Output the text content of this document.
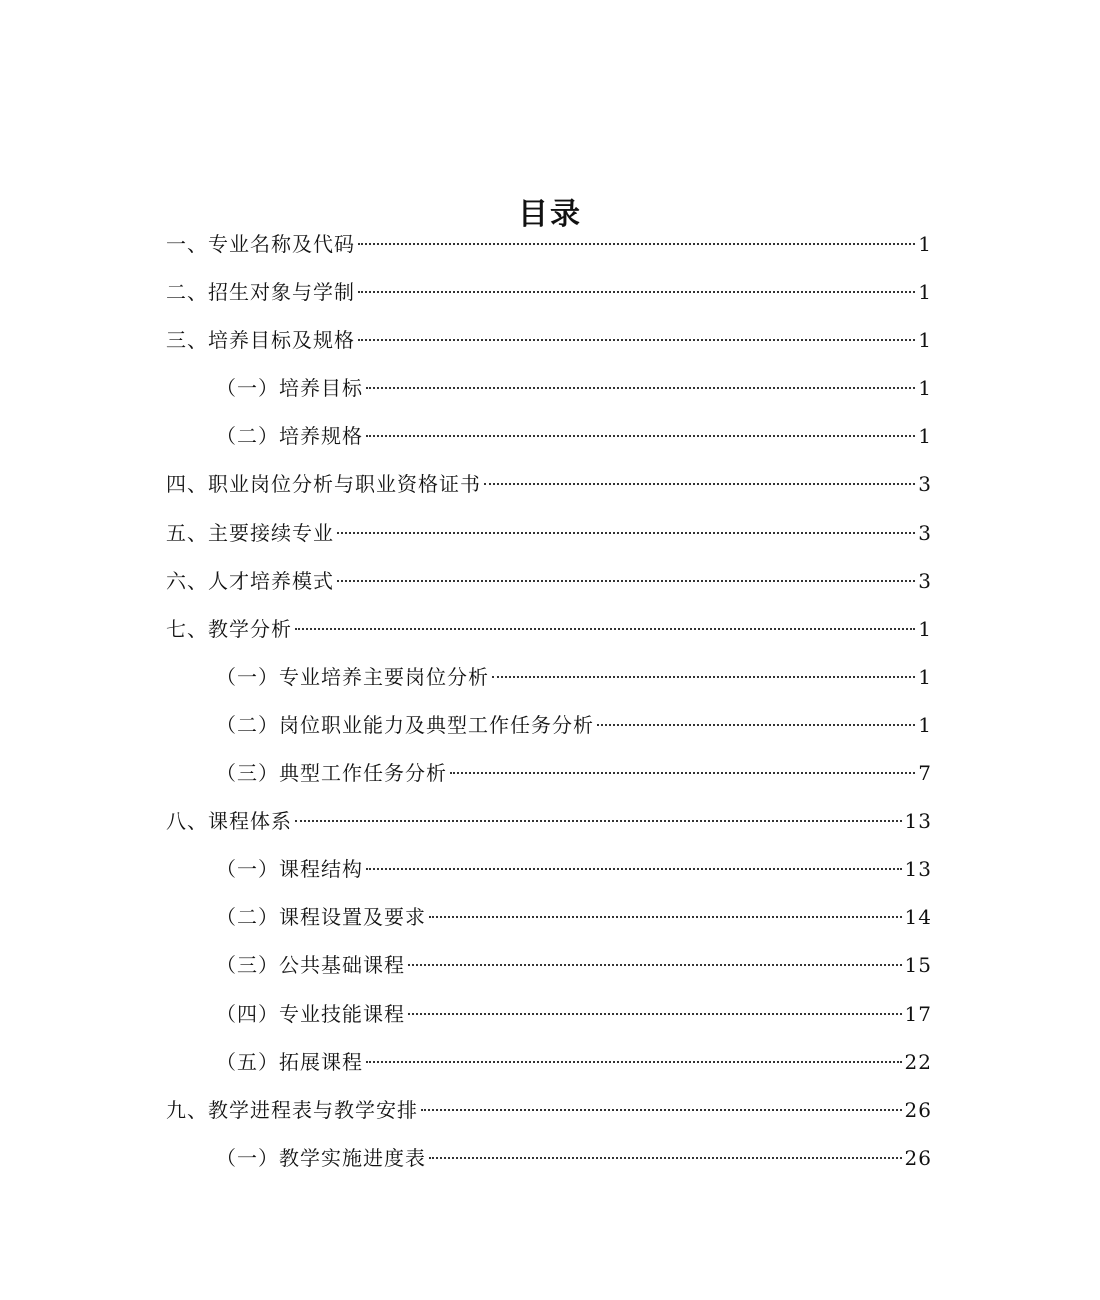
目录
一、专业名称及代码	1
二、招生对象与学制	1
三、培养目标及规格	1
（一）培养目标	1
（二）培养规格	1
四、职业岗位分析与职业资格证书	3
五、主要接续专业	3
六、人才培养模式	3
七、教学分析	1
（一）专业培养主要岗位分析	1
（二）岗位职业能力及典型工作任务分析	1
（三）典型工作任务分析	7
八、课程体系	13
（一）课程结构	13
（二）课程设置及要求	14
（三）公共基础课程	15
（四）专业技能课程	17
（五）拓展课程	22
九、教学进程表与教学安排	26
（一）教学实施进度表	26
